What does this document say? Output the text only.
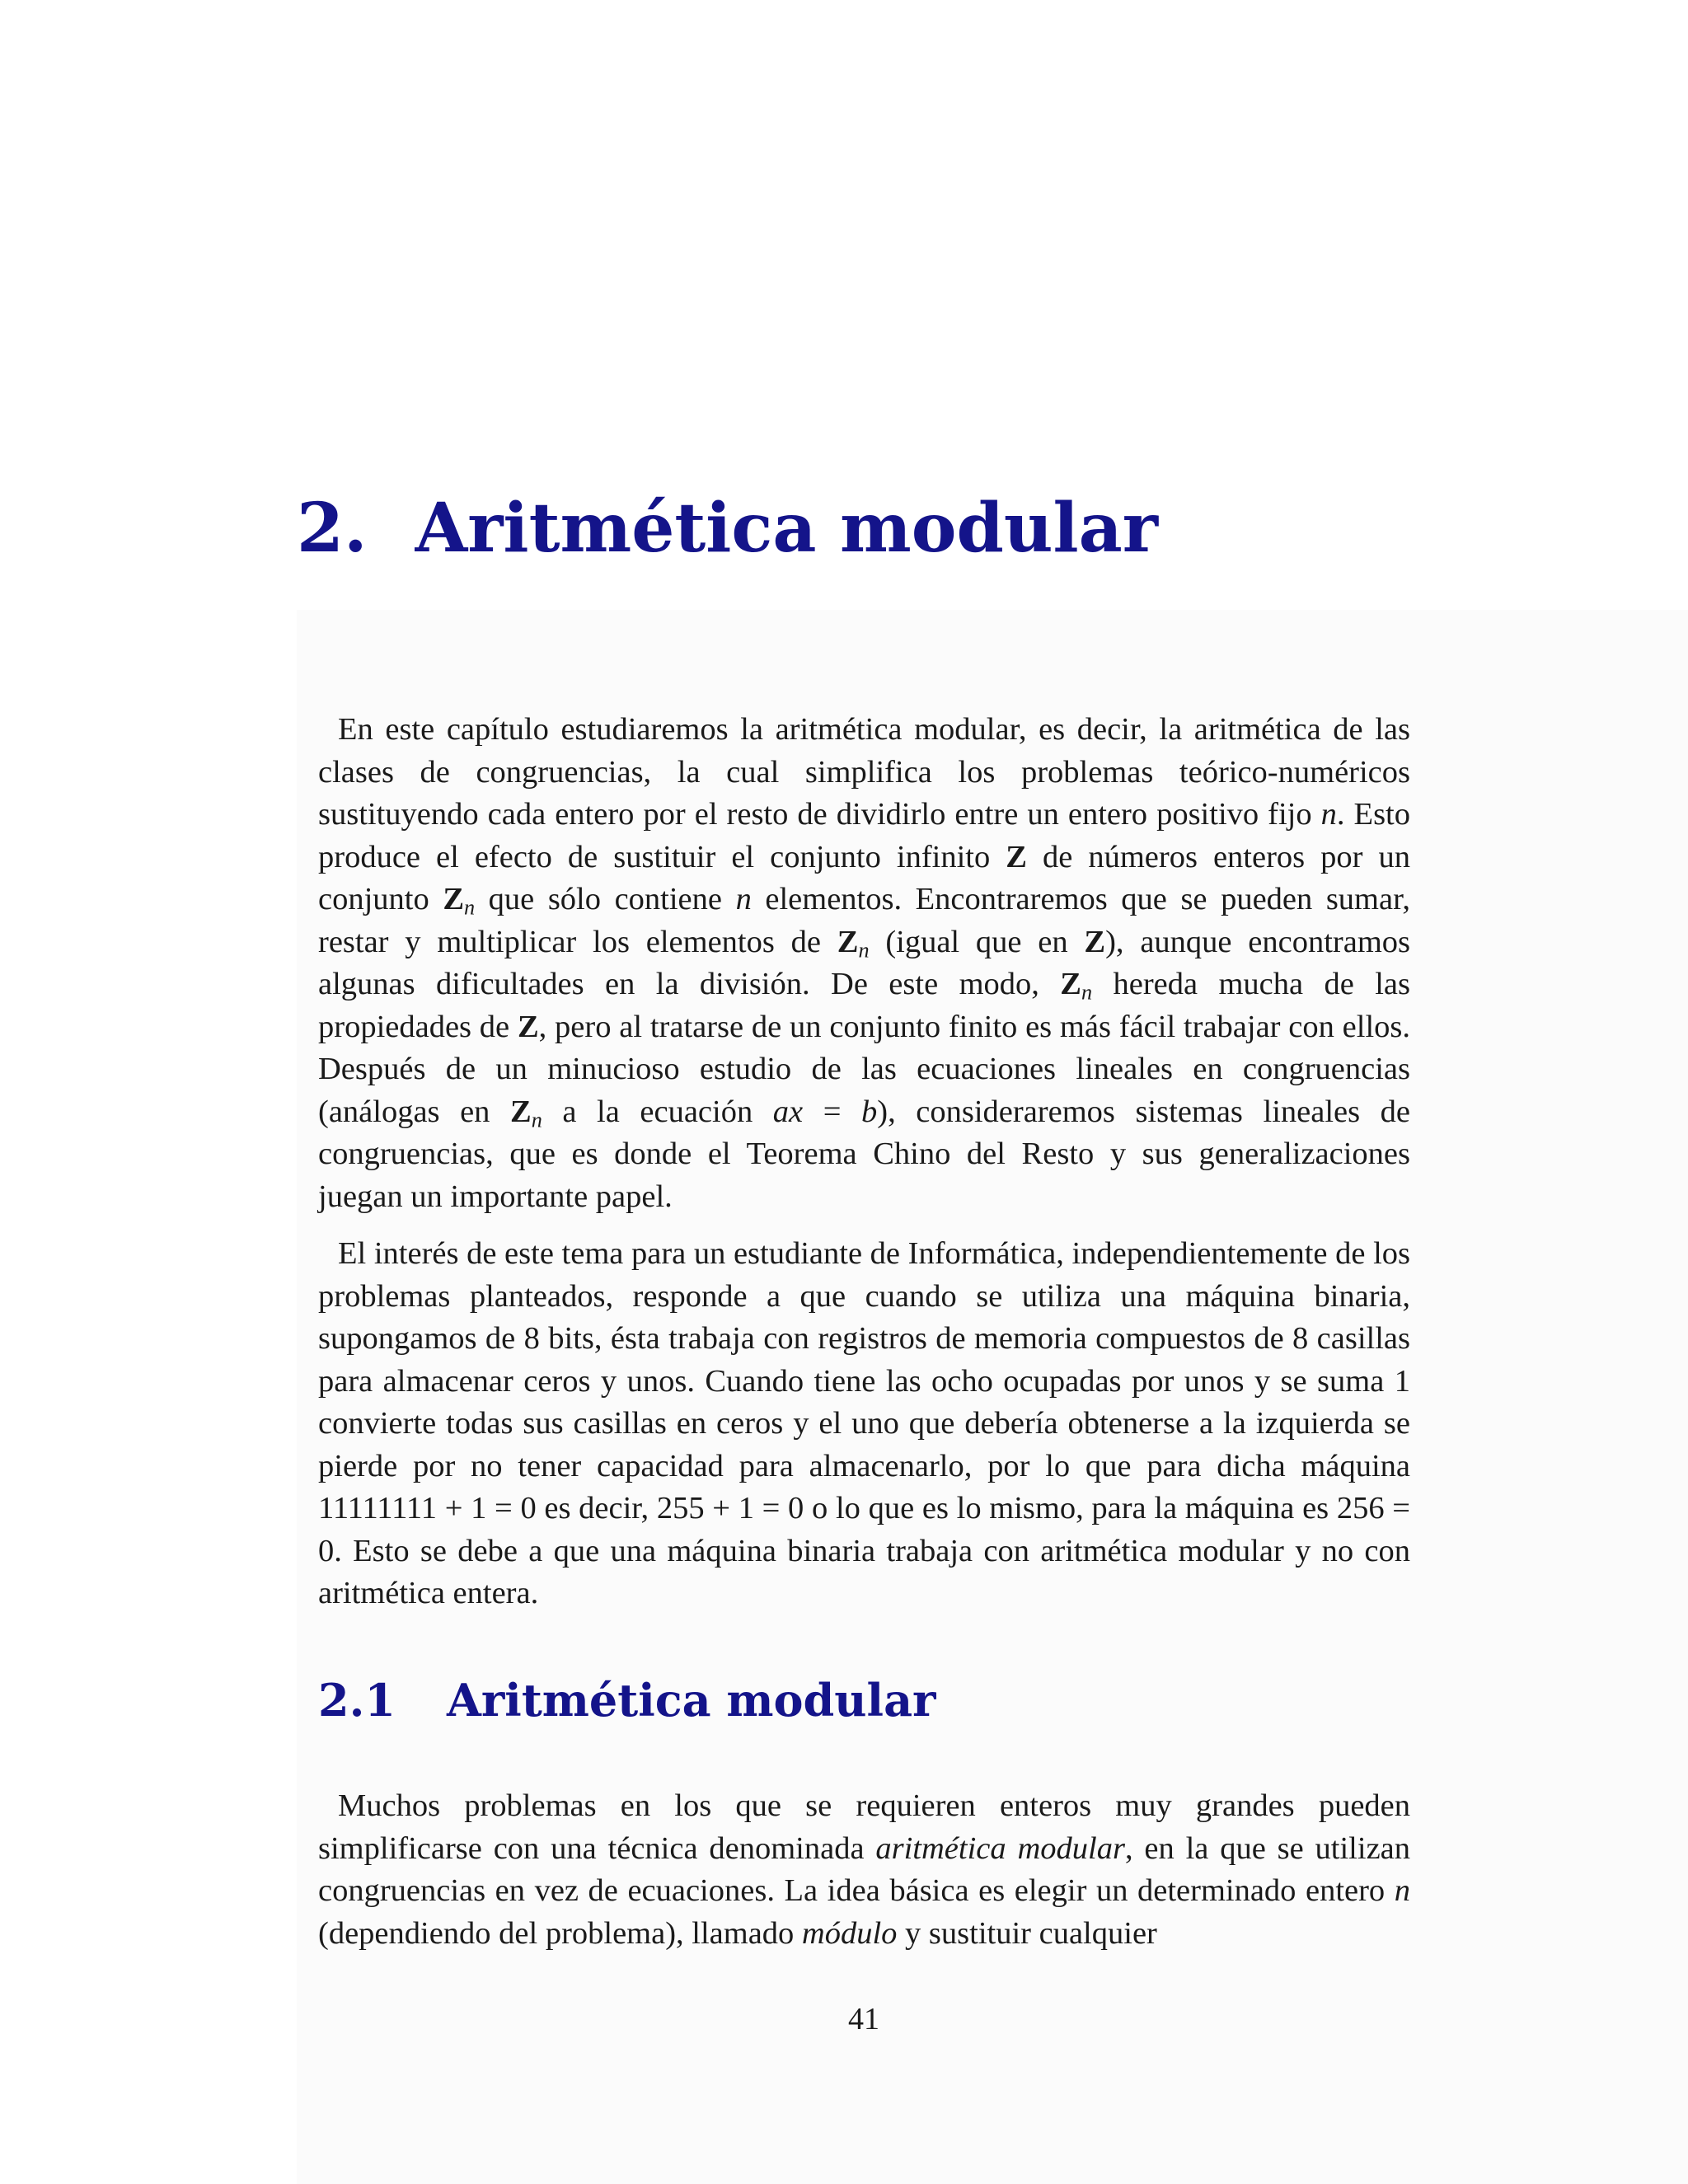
2. Aritmética modular

En este capítulo estudiaremos la aritmética modular, es decir, la aritmética de las clases de congruencias, la cual simplifica los problemas teórico-numéricos sustituyendo cada entero por el resto de dividirlo entre un entero positivo fijo n. Esto produce el efecto de sustituir el conjunto infinito Z de números enteros por un conjunto $Z_n$ que sólo contiene n elementos. Encontraremos que se pueden sumar, restar y multiplicar los elementos de $Z_n$ (igual que en Z), aunque encontramos algunas dificultades en la división. De este modo, $Z_n$ hereda mucha de las propiedades de Z, pero al tratarse de un conjunto finito es más fácil trabajar con ellos. Después de un minucioso estudio de las ecuaciones lineales en congruencias (análogas en $Z_n$ a la ecuación ax = b), consideraremos sistemas lineales de congruencias, que es donde el Teorema Chino del Resto y sus generalizaciones juegan un importante papel.

El interés de este tema para un estudiante de Informática, independientemente de los problemas planteados, responde a que cuando se utiliza una máquina binaria, supongamos de 8 bits, ésta trabaja con registros de memoria compuestos de 8 casillas para almacenar ceros y unos. Cuando tiene las ocho ocupadas por unos y se suma 1 convierte todas sus casillas en ceros y el uno que debería obtenerse a la izquierda se pierde por no tener capacidad para almacenarlo, por lo que para dicha máquina 11111111 + 1 = 0 es decir, 255 + 1 = 0 o lo que es lo mismo, para la máquina es 256 = 0. Esto se debe a que una máquina binaria trabaja con aritmética modular y no con aritmética entera.

2.1 Aritmética modular

Muchos problemas en los que se requieren enteros muy grandes pueden simplificarse con una técnica denominada aritmética modular, en la que se utilizan congruencias en vez de ecuaciones. La idea básica es elegir un determinado entero n (dependiendo del problema), llamado módulo y sustituir cualquier

41
